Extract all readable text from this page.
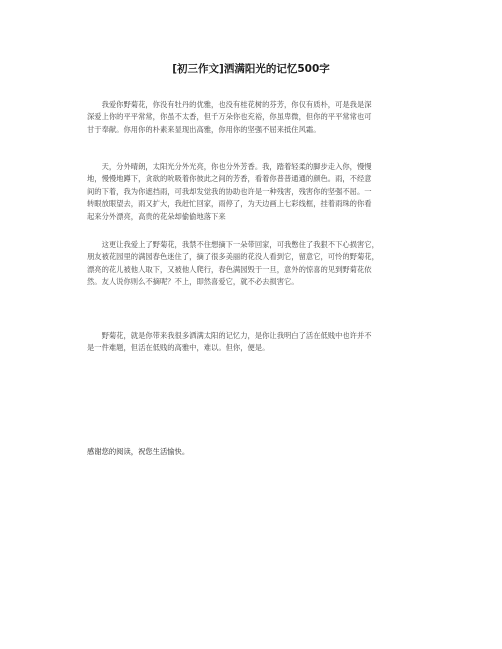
[初三作文]洒满阳光的记忆500字
我爱你野菊花，你没有牡丹的优雅，也没有桂花树的芬芳，你仅有质朴，可是我是深
深爱上你的平平常常，你虽不太香，但千万朵你也充裕，你虽卑微，但你的平平常常也可
甘于奉献。你用你的朴素来显现出高雅，你用你的坚强不屈来抵住风霜。
天，分外晴朗，太阳光分外光亮，你也分外芳香。我，踏着轻柔的脚步走入你，慢慢
地，慢慢地蹲下，贪欲的吮吸着你彼此之间的芳香，看着你普普通通的颜色。雨，不经意
间的下着，我为你遮挡雨，可我却发觉我的协助也许是一种残害，残害你的坚强不屈。一
转眼放眼望去，雨又扩大，我赶忙回家，雨停了，为天边画上七彩线框，挂着雨珠的你看
起来分外漂亮，高贵的花朵却偷偷地落下来
这更让我爱上了野菊花，我禁不住想摘下一朵带回家，可我憋住了我狠不下心损害它，
朋友被花园里的满园春色迷住了，摘了很多美丽的花没人看到它，留意它，可怜的野菊花，
漂亮的花儿被他人取下，又被他人爬行，春色满园毁于一旦，意外的惊喜的见到野菊花依
然。友人说你则么不摘呢？不上，即然喜爱它，就不必去损害它。
野菊花，就是你带来我很多洒满太阳的记忆力，是你让我明白了活在低贱中也许并不
是一件难题，但活在低贱的高雅中，难以。但你，便是。

感谢您的阅读，祝您生活愉快。
